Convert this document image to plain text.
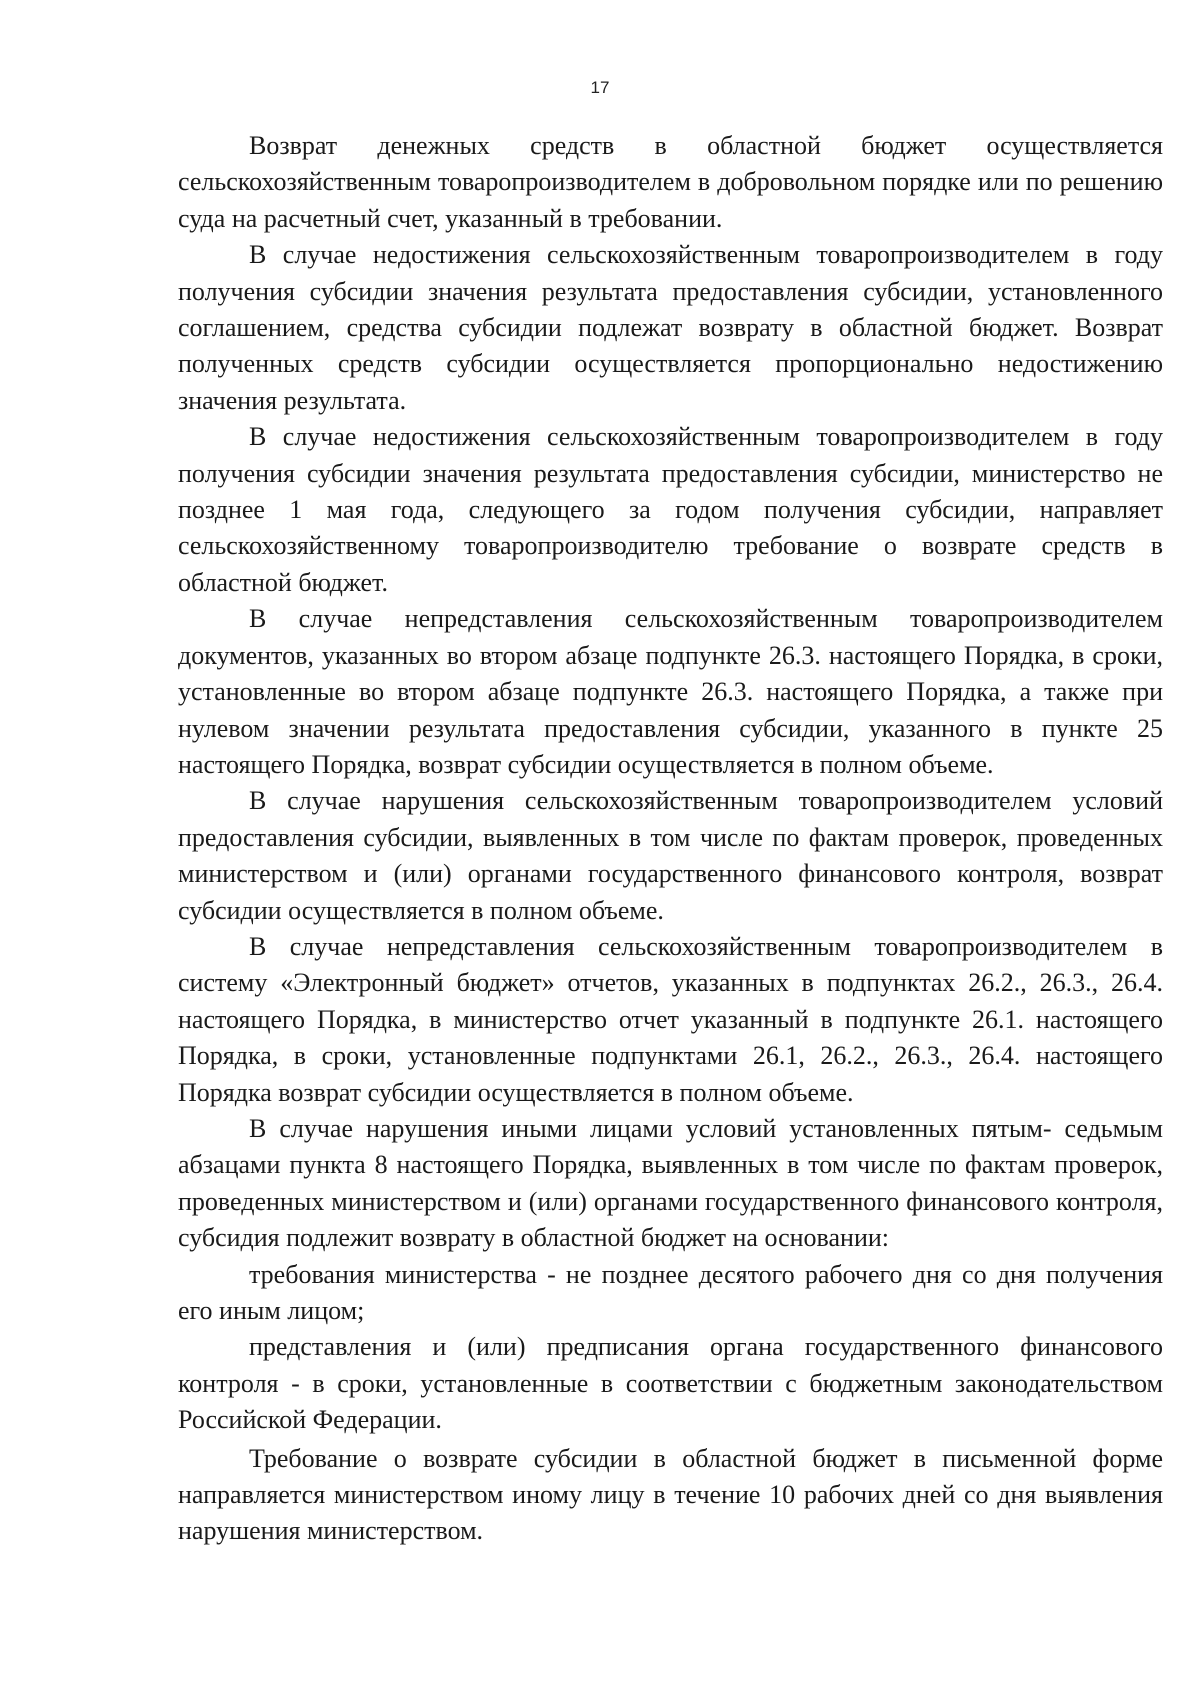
17

Возврат денежных средств в областной бюджет осуществляется сельскохозяйственным товаропроизводителем в добровольном порядке или по решению суда на расчетный счет, указанный в требовании.

В случае недостижения сельскохозяйственным товаропроизводителем в году получения субсидии значения результата предоставления субсидии, установленного соглашением, средства субсидии подлежат возврату в областной бюджет. Возврат полученных средств субсидии осуществляется пропорционально недостижению значения результата.

В случае недостижения сельскохозяйственным товаропроизводителем в году получения субсидии значения результата предоставления субсидии, министерство не позднее 1 мая года, следующего за годом получения субсидии, направляет сельскохозяйственному товаропроизводителю требование о возврате средств в областной бюджет.

В случае непредставления сельскохозяйственным товаропроизводителем документов, указанных во втором абзаце подпункте 26.3. настоящего Порядка, в сроки, установленные во втором абзаце подпункте 26.3. настоящего Порядка, а также при нулевом значении результата предоставления субсидии, указанного в пункте 25 настоящего Порядка, возврат субсидии осуществляется в полном объеме.

В случае нарушения сельскохозяйственным товаропроизводителем условий предоставления субсидии, выявленных в том числе по фактам проверок, проведенных министерством и (или) органами государственного финансового контроля, возврат субсидии осуществляется в полном объеме.

В случае непредставления сельскохозяйственным товаропроизводителем в систему «Электронный бюджет» отчетов, указанных в подпунктах 26.2., 26.3., 26.4. настоящего Порядка, в министерство отчет указанный в подпункте 26.1. настоящего Порядка, в сроки, установленные подпунктами 26.1, 26.2., 26.3., 26.4. настоящего Порядка возврат субсидии осуществляется в полном объеме.

В случае нарушения иными лицами условий установленных пятым- седьмым абзацами пункта 8 настоящего Порядка, выявленных в том числе по фактам проверок, проведенных министерством и (или) органами государственного финансового контроля, субсидия подлежит возврату в областной бюджет на основании:

требования министерства - не позднее десятого рабочего дня со дня получения его иным лицом;

представления и (или) предписания органа государственного финансового контроля - в сроки, установленные в соответствии с бюджетным законодательством Российской Федерации.

Требование о возврате субсидии в областной бюджет в письменной форме направляется министерством иному лицу в течение 10 рабочих дней со дня выявления нарушения министерством.
